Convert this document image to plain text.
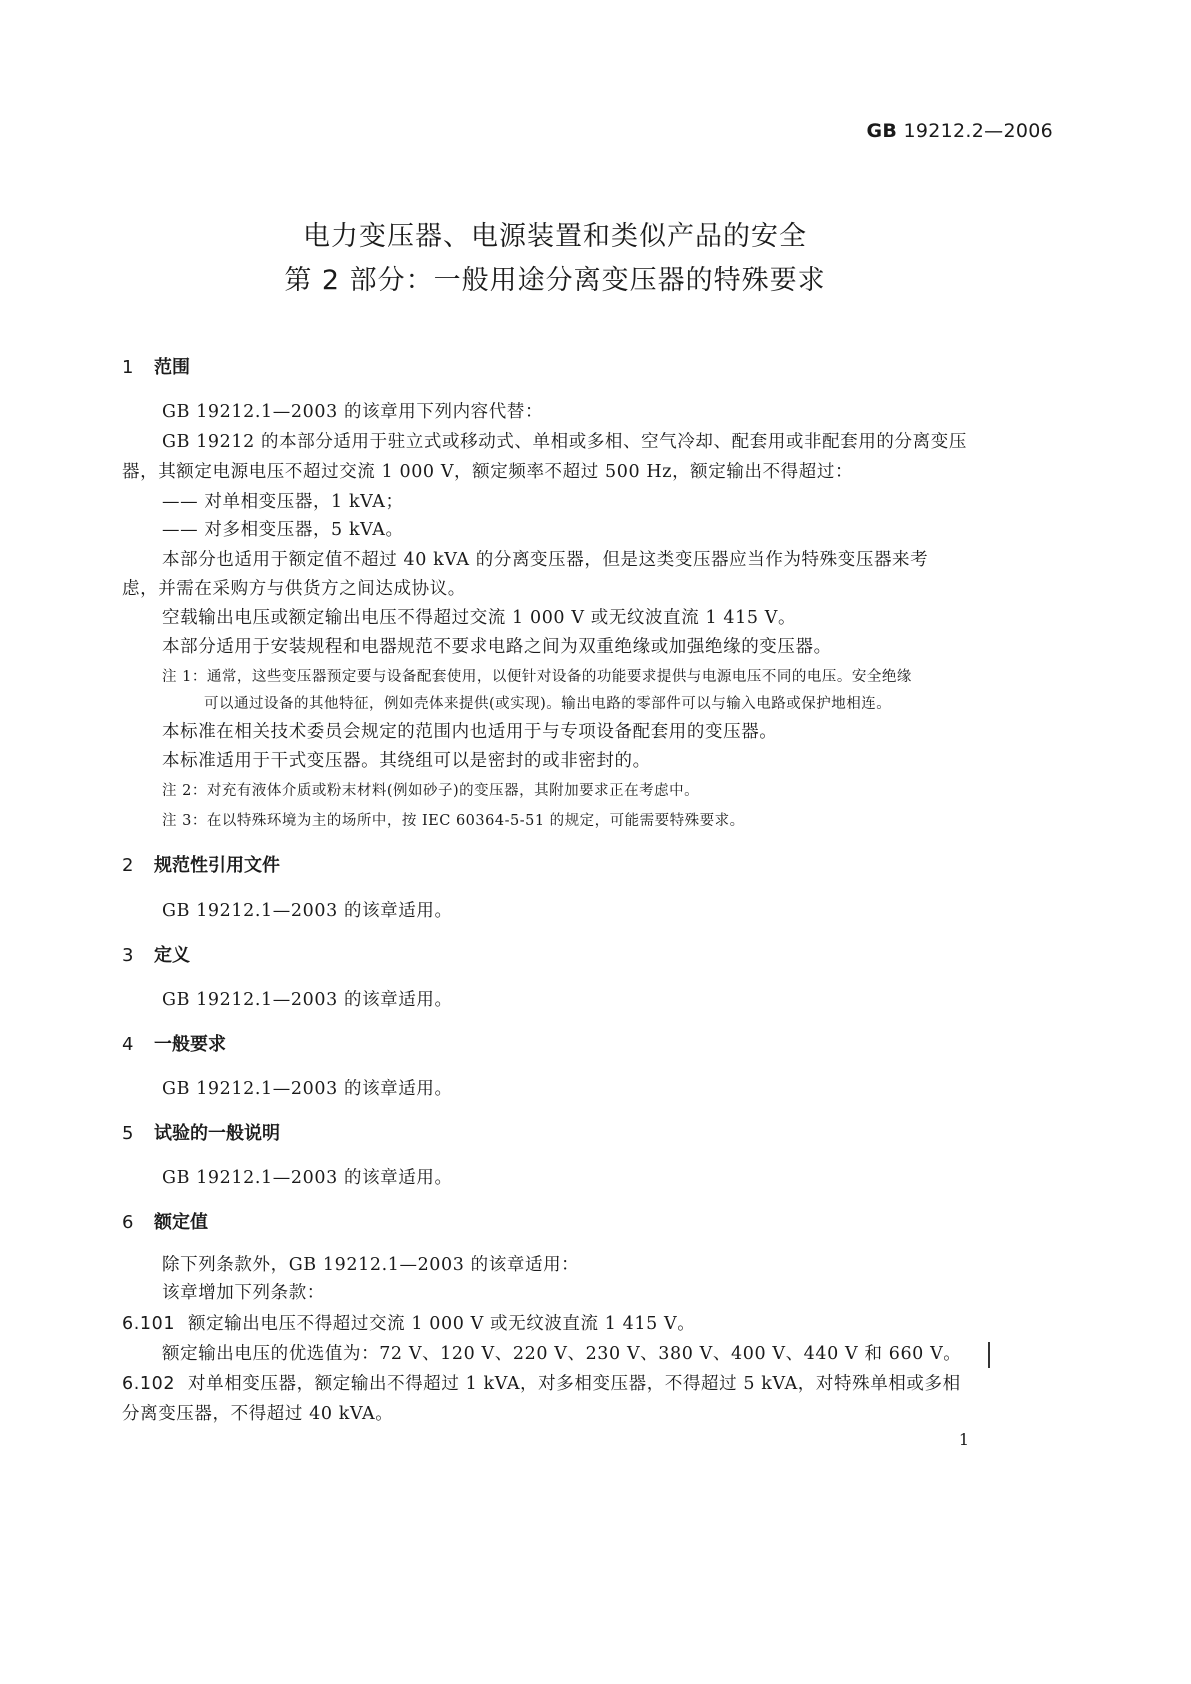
GB 19212.2—2006
电力变压器、电源装置和类似产品的安全
第 2 部分：一般用途分离变压器的特殊要求
1 范围
GB 19212.1—2003 的该章用下列内容代替：
GB 19212 的本部分适用于驻立式或移动式、单相或多相、空气冷却、配套用或非配套用的分离变压
器，其额定电源电压不超过交流 1 000 V，额定频率不超过 500 Hz，额定输出不得超过：
—— 对单相变压器，1 kVA；
—— 对多相变压器，5 kVA。
本部分也适用于额定值不超过 40 kVA 的分离变压器，但是这类变压器应当作为特殊变压器来考
虑，并需在采购方与供货方之间达成协议。
空载输出电压或额定输出电压不得超过交流 1 000 V 或无纹波直流 1 415 V。
本部分适用于安装规程和电器规范不要求电路之间为双重绝缘或加强绝缘的变压器。
注 1：通常，这些变压器预定要与设备配套使用，以便针对设备的功能要求提供与电源电压不同的电压。安全绝缘
可以通过设备的其他特征，例如壳体来提供(或实现)。输出电路的零部件可以与输入电路或保护地相连。
本标准在相关技术委员会规定的范围内也适用于与专项设备配套用的变压器。
本标准适用于干式变压器。其绕组可以是密封的或非密封的。
注 2：对充有液体介质或粉末材料(例如砂子)的变压器，其附加要求正在考虑中。
注 3：在以特殊环境为主的场所中，按 IEC 60364-5-51 的规定，可能需要特殊要求。
2 规范性引用文件
GB 19212.1—2003 的该章适用。
3 定义
GB 19212.1—2003 的该章适用。
4 一般要求
GB 19212.1—2003 的该章适用。
5 试验的一般说明
GB 19212.1—2003 的该章适用。
6 额定值
除下列条款外，GB 19212.1—2003 的该章适用：
该章增加下列条款：
6.101 额定输出电压不得超过交流 1 000 V 或无纹波直流 1 415 V。
额定输出电压的优选值为：72 V、120 V、220 V、230 V、380 V、400 V、440 V 和 660 V。
6.102 对单相变压器，额定输出不得超过 1 kVA，对多相变压器，不得超过 5 kVA，对特殊单相或多相
分离变压器，不得超过 40 kVA。
1
